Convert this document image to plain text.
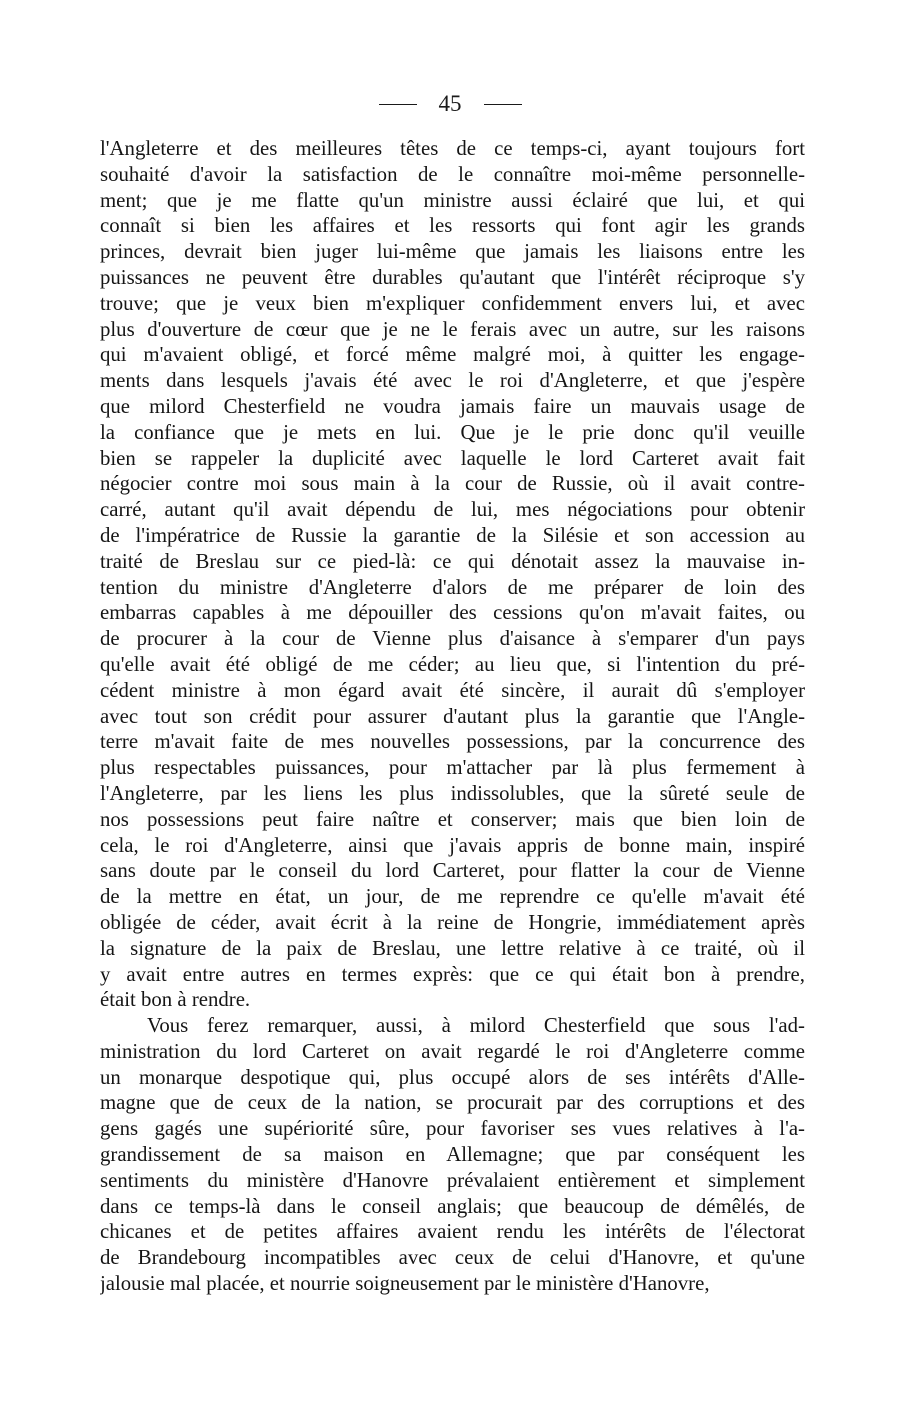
45
l'Angleterre et des meilleures têtes de ce temps-ci, ayant toujours fort
souhaité d'avoir la satisfaction de le connaître moi-même personnelle-
ment; que je me flatte qu'un ministre aussi éclairé que lui, et qui
connaît si bien les affaires et les ressorts qui font agir les grands
princes, devrait bien juger lui-même que jamais les liaisons entre les
puissances ne peuvent être durables qu'autant que l'intérêt réciproque s'y
trouve; que je veux bien m'expliquer confidemment envers lui, et avec
plus d'ouverture de cœur que je ne le ferais avec un autre, sur les raisons
qui m'avaient obligé, et forcé même malgré moi, à quitter les engage-
ments dans lesquels j'avais été avec le roi d'Angleterre, et que j'espère
que milord Chesterfield ne voudra jamais faire un mauvais usage de
la confiance que je mets en lui. Que je le prie donc qu'il veuille
bien se rappeler la duplicité avec laquelle le lord Carteret avait fait
négocier contre moi sous main à la cour de Russie, où il avait contre-
carré, autant qu'il avait dépendu de lui, mes négociations pour obtenir
de l'impératrice de Russie la garantie de la Silésie et son accession au
traité de Breslau sur ce pied-là: ce qui dénotait assez la mauvaise in-
tention du ministre d'Angleterre d'alors de me préparer de loin des
embarras capables à me dépouiller des cessions qu'on m'avait faites, ou
de procurer à la cour de Vienne plus d'aisance à s'emparer d'un pays
qu'elle avait été obligé de me céder; au lieu que, si l'intention du pré-
cédent ministre à mon égard avait été sincère, il aurait dû s'employer
avec tout son crédit pour assurer d'autant plus la garantie que l'Angle-
terre m'avait faite de mes nouvelles possessions, par la concurrence des
plus respectables puissances, pour m'attacher par là plus fermement à
l'Angleterre, par les liens les plus indissolubles, que la sûreté seule de
nos possessions peut faire naître et conserver; mais que bien loin de
cela, le roi d'Angleterre, ainsi que j'avais appris de bonne main, inspiré
sans doute par le conseil du lord Carteret, pour flatter la cour de Vienne
de la mettre en état, un jour, de me reprendre ce qu'elle m'avait été
obligée de céder, avait écrit à la reine de Hongrie, immédiatement après
la signature de la paix de Breslau, une lettre relative à ce traité, où il
y avait entre autres en termes exprès: que ce qui était bon à prendre,
était bon à rendre.
Vous ferez remarquer, aussi, à milord Chesterfield que sous l'ad-
ministration du lord Carteret on avait regardé le roi d'Angleterre comme
un monarque despotique qui, plus occupé alors de ses intérêts d'Alle-
magne que de ceux de la nation, se procurait par des corruptions et des
gens gagés une supériorité sûre, pour favoriser ses vues relatives à l'a-
grandissement de sa maison en Allemagne; que par conséquent les
sentiments du ministère d'Hanovre prévalaient entièrement et simplement
dans ce temps-là dans le conseil anglais; que beaucoup de démêlés, de
chicanes et de petites affaires avaient rendu les intérêts de l'électorat
de Brandebourg incompatibles avec ceux de celui d'Hanovre, et qu'une
jalousie mal placée, et nourrie soigneusement par le ministère d'Hanovre,
